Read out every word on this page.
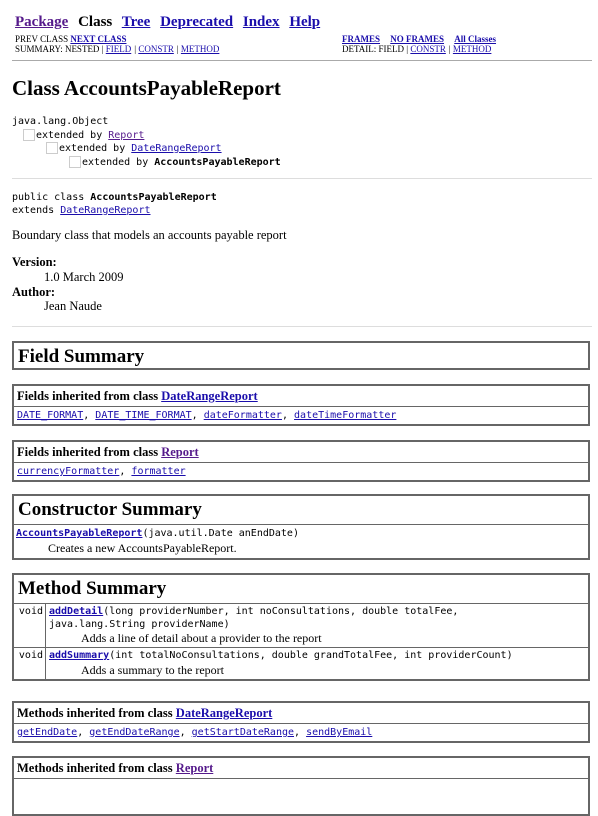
Package Class Tree Deprecated Index Help
PREV CLASS NEXT CLASS
SUMMARY: NESTED | FIELD | CONSTR | METHOD
FRAMES NO FRAMES All Classes
DETAIL: FIELD | CONSTR | METHOD
Class AccountsPayableReport
java.lang.Object
extended by Report
extended by DateRangeReport
extended by AccountsPayableReport
public class AccountsPayableReport
extends DateRangeReport
Boundary class that models an accounts payable report
Version:
1.0 March 2009
Author:
Jean Naude
Field Summary
Fields inherited from class DateRangeReport
DATE_FORMAT, DATE_TIME_FORMAT, dateFormatter, dateTimeFormatter
Fields inherited from class Report
currencyFormatter, formatter
Constructor Summary
AccountsPayableReport(java.util.Date anEndDate)
Creates a new AccountsPayableReport.
Method Summary
void addDetail(long providerNumber, int noConsultations, double totalFee,
java.lang.String providerName)
Adds a line of detail about a provider to the report
void addSummary(int totalNoConsultations, double grandTotalFee, int providerCount)
Adds a summary to the report
Methods inherited from class DateRangeReport
getEndDate, getEndDateRange, getStartDateRange, sendByEmail
Methods inherited from class Report
